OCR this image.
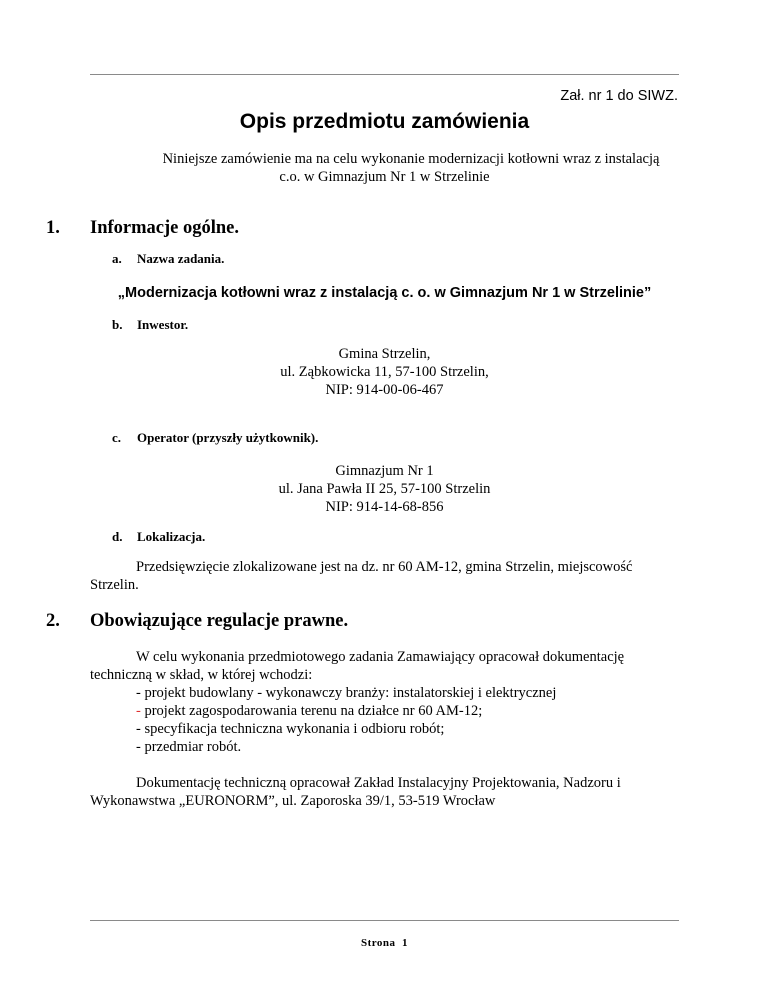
Zał. nr 1 do SIWZ.
Opis przedmiotu zamówienia
Niniejsze zamówienie ma na celu wykonanie modernizacji kotłowni wraz z instalacją
c.o. w Gimnazjum Nr 1 w Strzelinie
1. Informacje ogólne.
a. Nazwa zadania.
„Modernizacja kotłowni wraz z instalacją c. o. w Gimnazjum Nr 1 w Strzelinie”
b. Inwestor.
Gmina Strzelin,
ul. Ząbkowicka 11, 57-100 Strzelin,
NIP: 914-00-06-467
c. Operator (przyszły użytkownik).
Gimnazjum Nr 1
ul. Jana Pawła II 25, 57-100 Strzelin
NIP: 914-14-68-856
d. Lokalizacja.
Przedsięwzięcie zlokalizowane jest na dz. nr 60 AM-12, gmina Strzelin, miejscowość
Strzelin.
2. Obowiązujące regulacje prawne.
W celu wykonania przedmiotowego zadania Zamawiający opracował dokumentację
techniczną w skład, w której wchodzi:
- projekt budowlany - wykonawczy branży: instalatorskiej i elektrycznej
- projekt zagospodarowania terenu na działce nr 60 AM-12;
- specyfikacja techniczna wykonania i odbioru robót;
- przedmiar robót.
Dokumentację techniczną opracował Zakład Instalacyjny Projektowania, Nadzoru i
Wykonawstwa „EURONORM”, ul. Zaporoska 39/1, 53-519 Wrocław
Strona 1
